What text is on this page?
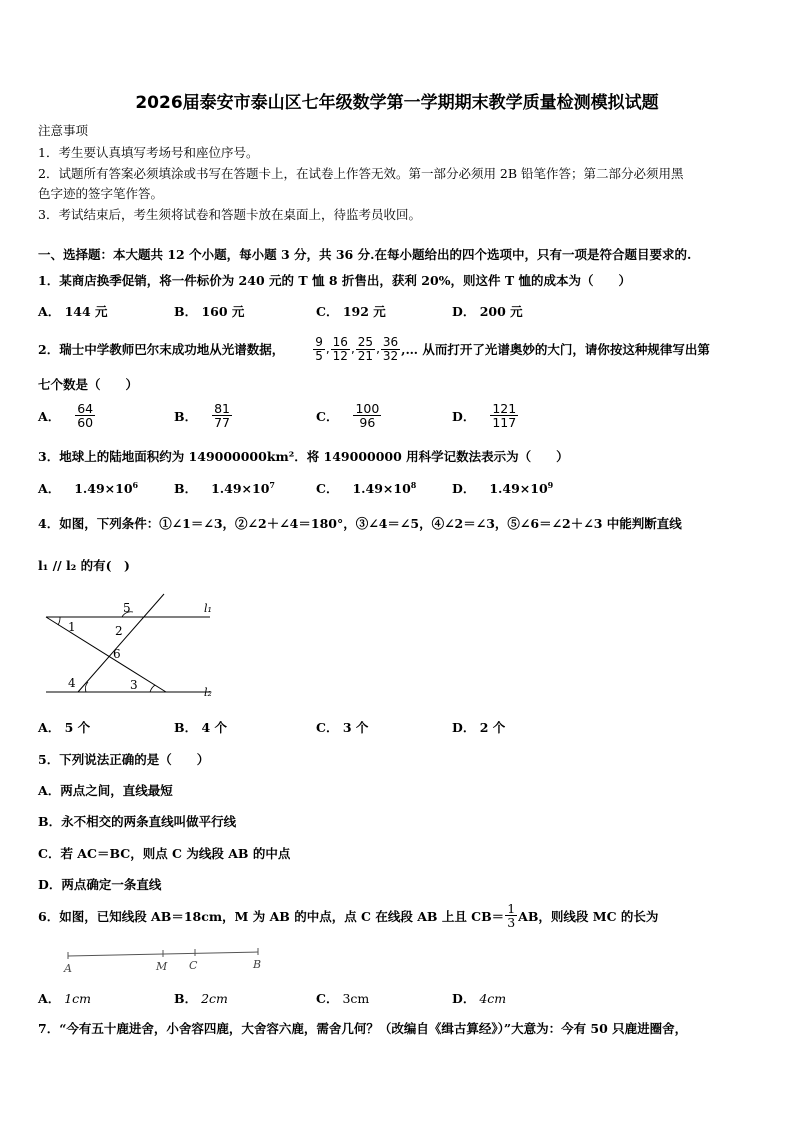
2026届泰安市泰山区七年级数学第一学期期末教学质量检测模拟试题
注意事项
1．考生要认真填写考场号和座位序号。
2．试题所有答案必须填涂或书写在答题卡上，在试卷上作答无效。第一部分必须用 2B 铅笔作答；第二部分必须用黑
色字迹的签字笔作答。
3．考试结束后，考生须将试卷和答题卡放在桌面上，待监考员收回。
一、选择题：本大题共 12 个小题，每小题 3 分，共 36 分.在每小题给出的四个选项中，只有一项是符合题目要求的.
1．某商店换季促销，将一件标价为 240 元的 T 恤 8 折售出，获利 20%，则这件 T 恤的成本为（　　）
A． 144 元	B． 160 元	C． 192 元	D． 200 元
2．瑞士中学教师巴尔末成功地从光谱数据， $\frac{9}{5}$ , $\frac{16}{12}$ , $\frac{25}{21}$ , $\frac{36}{32}$ ,… 从而打开了光谱奥妙的大门，请你按这种规律写出第
七个数是（　　）
A． $\frac{64}{60}$	B． $\frac{81}{77}$	C． $\frac{100}{96}$	D． $\frac{121}{117}$
3．地球上的陆地面积约为 149000000km²．将 149000000 用科学记数法表示为（　　）
A． $1.49\times 10^6$	B． $1.49\times 10^7$	C． $1.49\times 10^8$	D． $1.49\times 10^9$
4．如图，下列条件：①∠1＝∠3，②∠2＋∠4＝180°，③∠4＝∠5，④∠2＝∠3，⑤∠6＝∠2＋∠3 中能判断直线
l₁ // l₂ 的有(　)
1	2
3
4
5
6
l₁
l₂
A． 5 个	B． 4 个	C． 3 个	D． 2 个
5．下列说法正确的是（　　）
A．两点之间，直线最短
B．永不相交的两条直线叫做平行线
C．若 AC＝BC，则点 C 为线段 AB 的中点
D．两点确定一条直线
6．如图，已知线段 AB＝18cm，M 为 AB 的中点，点 C 在线段 AB 上且 $CB= \frac{1}{3}$ AB，则线段 MC 的长为
A	M C	B
A． 1cm	B． 2cm	C． 3cm	D． 4cm
7．“今有五十鹿进舍，小舍容四鹿，大舍容六鹿，需舍几何？（改编自《缉古算经》）”大意为：今有 50 只鹿进圈舍，
